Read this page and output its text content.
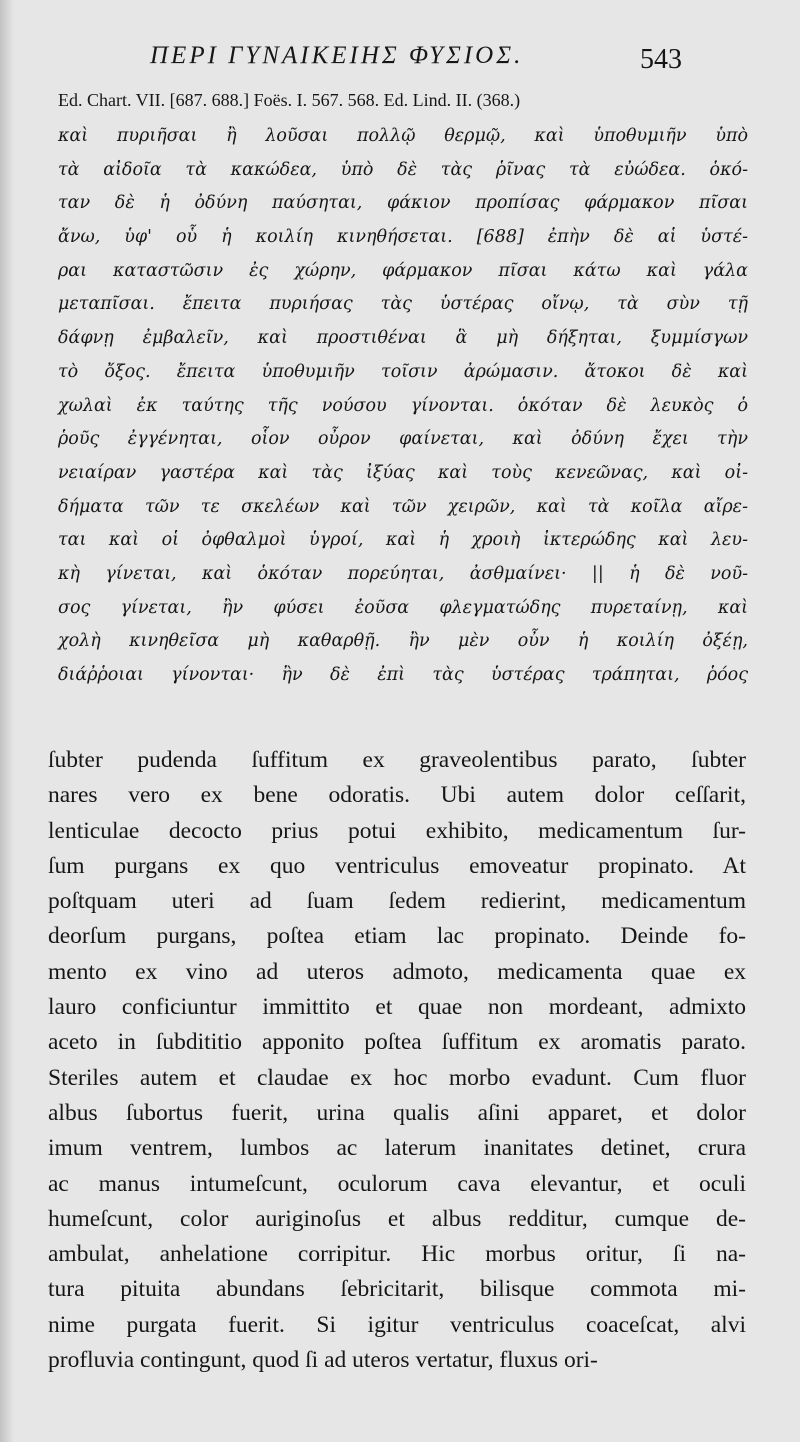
ΠΕΡΙ ΓΥΝΑΙΚΕΙΗΣ ΦΥΣΙΟΣ.	543
Ed. Chart. VII. [687. 688.] Foës. I. 567. 568. Ed. Lind. II. (368.)
καὶ πυριῆσαι ἢ λοῦσαι πολλῷ θερμῷ, καὶ ὑποθυμιῆν ὑπὸ
τὰ αἰδοῖα τὰ κακώδεα, ὑπὸ δὲ τὰς ῥῖνας τὰ εὐώδεα. ὁκό-
ταν δὲ ἡ ὀδύνη παύσηται, φάκιον προπίσας φάρμακον πῖσαι
ἄνω, ὑφ' οὗ ἡ κοιλίη κινηθήσεται. [688] ἐπὴν δὲ αἱ ὑστέ-
ραι καταστῶσιν ἐς χώρην, φάρμακον πῖσαι κάτω καὶ γάλα
μεταπῖσαι. ἔπειτα πυριήσας τὰς ὑστέρας οἴνῳ, τὰ σὺν τῇ
δάφνῃ ἐμβαλεῖν, καὶ προστιθέναι ἃ μὴ δήξηται, ξυμμίσγων
τὸ ὄξος. ἔπειτα ὑποθυμιῆν τοῖσιν ἀρώμασιν. ἄτοκοι δὲ καὶ
χωλαὶ ἐκ ταύτης τῆς νούσου γίνονται. ὁκόταν δὲ λευκὸς ὁ
ῥοῦς ἐγγένηται, οἷον οὖρον φαίνεται, καὶ ὀδύνη ἔχει τὴν
νειαίραν γαστέρα καὶ τὰς ἰξύας καὶ τοὺς κενεῶνας, καὶ οἰ-
δήματα τῶν τε σκελέων καὶ τῶν χειρῶν, καὶ τὰ κοῖλα αἴρε-
ται καὶ οἱ ὀφθαλμοὶ ὑγροί, καὶ ἡ χροιὴ ἰκτερώδης καὶ λευ-
κὴ γίνεται, καὶ ὁκόταν πορεύηται, ἀσθμαίνει· || ἡ δὲ νοῦ-
σος γίνεται, ἢν φύσει ἐοῦσα φλεγματώδης πυρεταίνῃ, καὶ
χολὴ κινηθεῖσα μὴ καθαρθῇ. ἢν μὲν οὖν ἡ κοιλίη ὀξέῃ,
διάῤῥοιαι γίνονται· ἢν δὲ ἐπὶ τὰς ὑστέρας τράπηται, ῥόος
ſubter pudenda ſuffitum ex graveolentibus parato, ſubter
nares vero ex bene odoratis. Ubi autem dolor ceſſarit,
lenticulae decocto prius potui exhibito, medicamentum ſur-
ſum purgans ex quo ventriculus emoveatur propinato. At
poſtquam uteri ad ſuam ſedem redierint, medicamentum
deorſum purgans, poſtea etiam lac propinato. Deinde fo-
mento ex vino ad uteros admoto, medicamenta quae ex
lauro conficiuntur immittito et quae non mordeant, admixto
aceto in ſubdititio apponito poſtea ſuffitum ex aromatis parato.
Steriles autem et claudae ex hoc morbo evadunt. Cum fluor
albus ſubortus fuerit, urina qualis aſini apparet, et dolor
imum ventrem, lumbos ac laterum inanitates detinet, crura
ac manus intumeſcunt, oculorum cava elevantur, et oculi
humeſcunt, color auriginoſus et albus redditur, cumque de-
ambulat, anhelatione corripitur. Hic morbus oritur, ſi na-
tura pituita abundans ſebricitarit, bilisque commota mi-
nime purgata fuerit. Si igitur ventriculus coaceſcat, alvi
profluvia contingunt, quod ſi ad uteros vertatur, fluxus ori-
